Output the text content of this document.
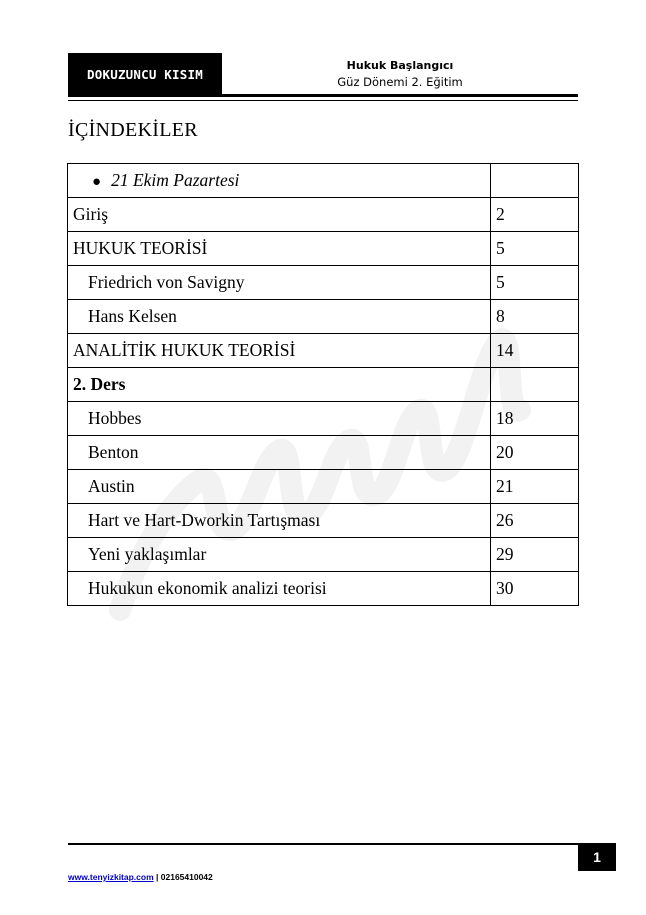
DOKUZUNCU KISIM
Hukuk Başlangıcı
Güz Dönemi 2. Eğitim
İÇİNDEKİLER
● 21 Ekim Pazartesi	
Giriş	2
HUKUK TEORİSİ	5
Friedrich von Savigny	5
Hans Kelsen	8
ANALİTİK HUKUK TEORİSİ	14
2. Ders	
Hobbes	18
Benton	20
Austin	21
Hart ve Hart-Dworkin Tartışması	26
Yeni yaklaşımlar	29
Hukukun ekonomik analizi teorisi	30
1
www.tenyizkitap.com | 02165410042
